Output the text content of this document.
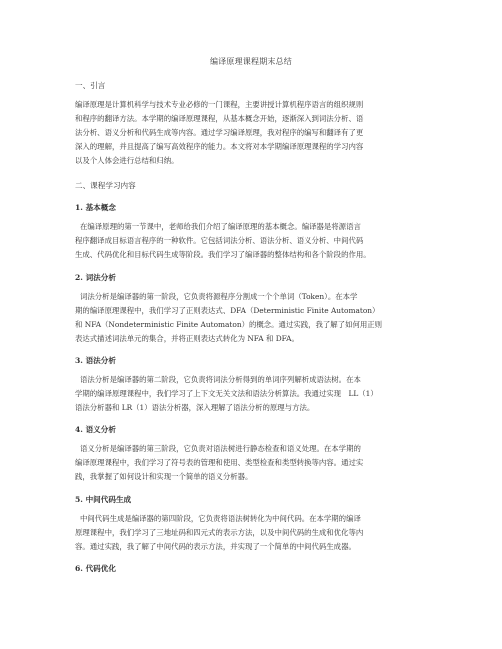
编译原理课程期末总结
一、引言
编译原理是计算机科学与技术专业必修的一门课程，主要讲授计算机程序语言的组织规则
和程序的翻译方法。本学期的编译原理课程，从基本概念开始，逐渐深入到词法分析、语
法分析、语义分析和代码生成等内容。通过学习编译原理，我对程序的编写和翻译有了更
深入的理解，并且提高了编写高效程序的能力。本文将对本学期编译原理课程的学习内容
以及个人体会进行总结和归纳。
二、课程学习内容
1. 基本概念
在编译原理的第一节课中，老师给我们介绍了编译原理的基本概念。编译器是将源语言
程序翻译成目标语言程序的一种软件。它包括词法分析、语法分析、语义分析、中间代码
生成、代码优化和目标代码生成等阶段。我们学习了编译器的整体结构和各个阶段的作用。
2. 词法分析
词法分析是编译器的第一阶段，它负责将源程序分割成一个个单词（Token）。在本学
期的编译原理课程中，我们学习了正则表达式、DFA（Deterministic Finite Automaton）
和 NFA（Nondeterministic Finite Automaton）的概念。通过实践，我了解了如何用正则
表达式描述词法单元的集合，并将正则表达式转化为 NFA 和 DFA。
3. 语法分析
语法分析是编译器的第二阶段，它负责将词法分析得到的单词序列解析成语法树。在本
学期的编译原理课程中，我们学习了上下文无关文法和语法分析算法。我通过实现　LL（1）
语法分析器和 LR（1）语法分析器，深入理解了语法分析的原理与方法。
4. 语义分析
语义分析是编译器的第三阶段，它负责对语法树进行静态检查和语义处理。在本学期的
编译原理课程中，我们学习了符号表的管理和使用、类型检查和类型转换等内容。通过实
践，我掌握了如何设计和实现一个简单的语义分析器。
5. 中间代码生成
中间代码生成是编译器的第四阶段，它负责将语法树转化为中间代码。在本学期的编译
原理课程中，我们学习了三地址码和四元式的表示方法，以及中间代码的生成和优化等内
容。通过实践，我了解了中间代码的表示方法，并实现了一个简单的中间代码生成器。
6. 代码优化
